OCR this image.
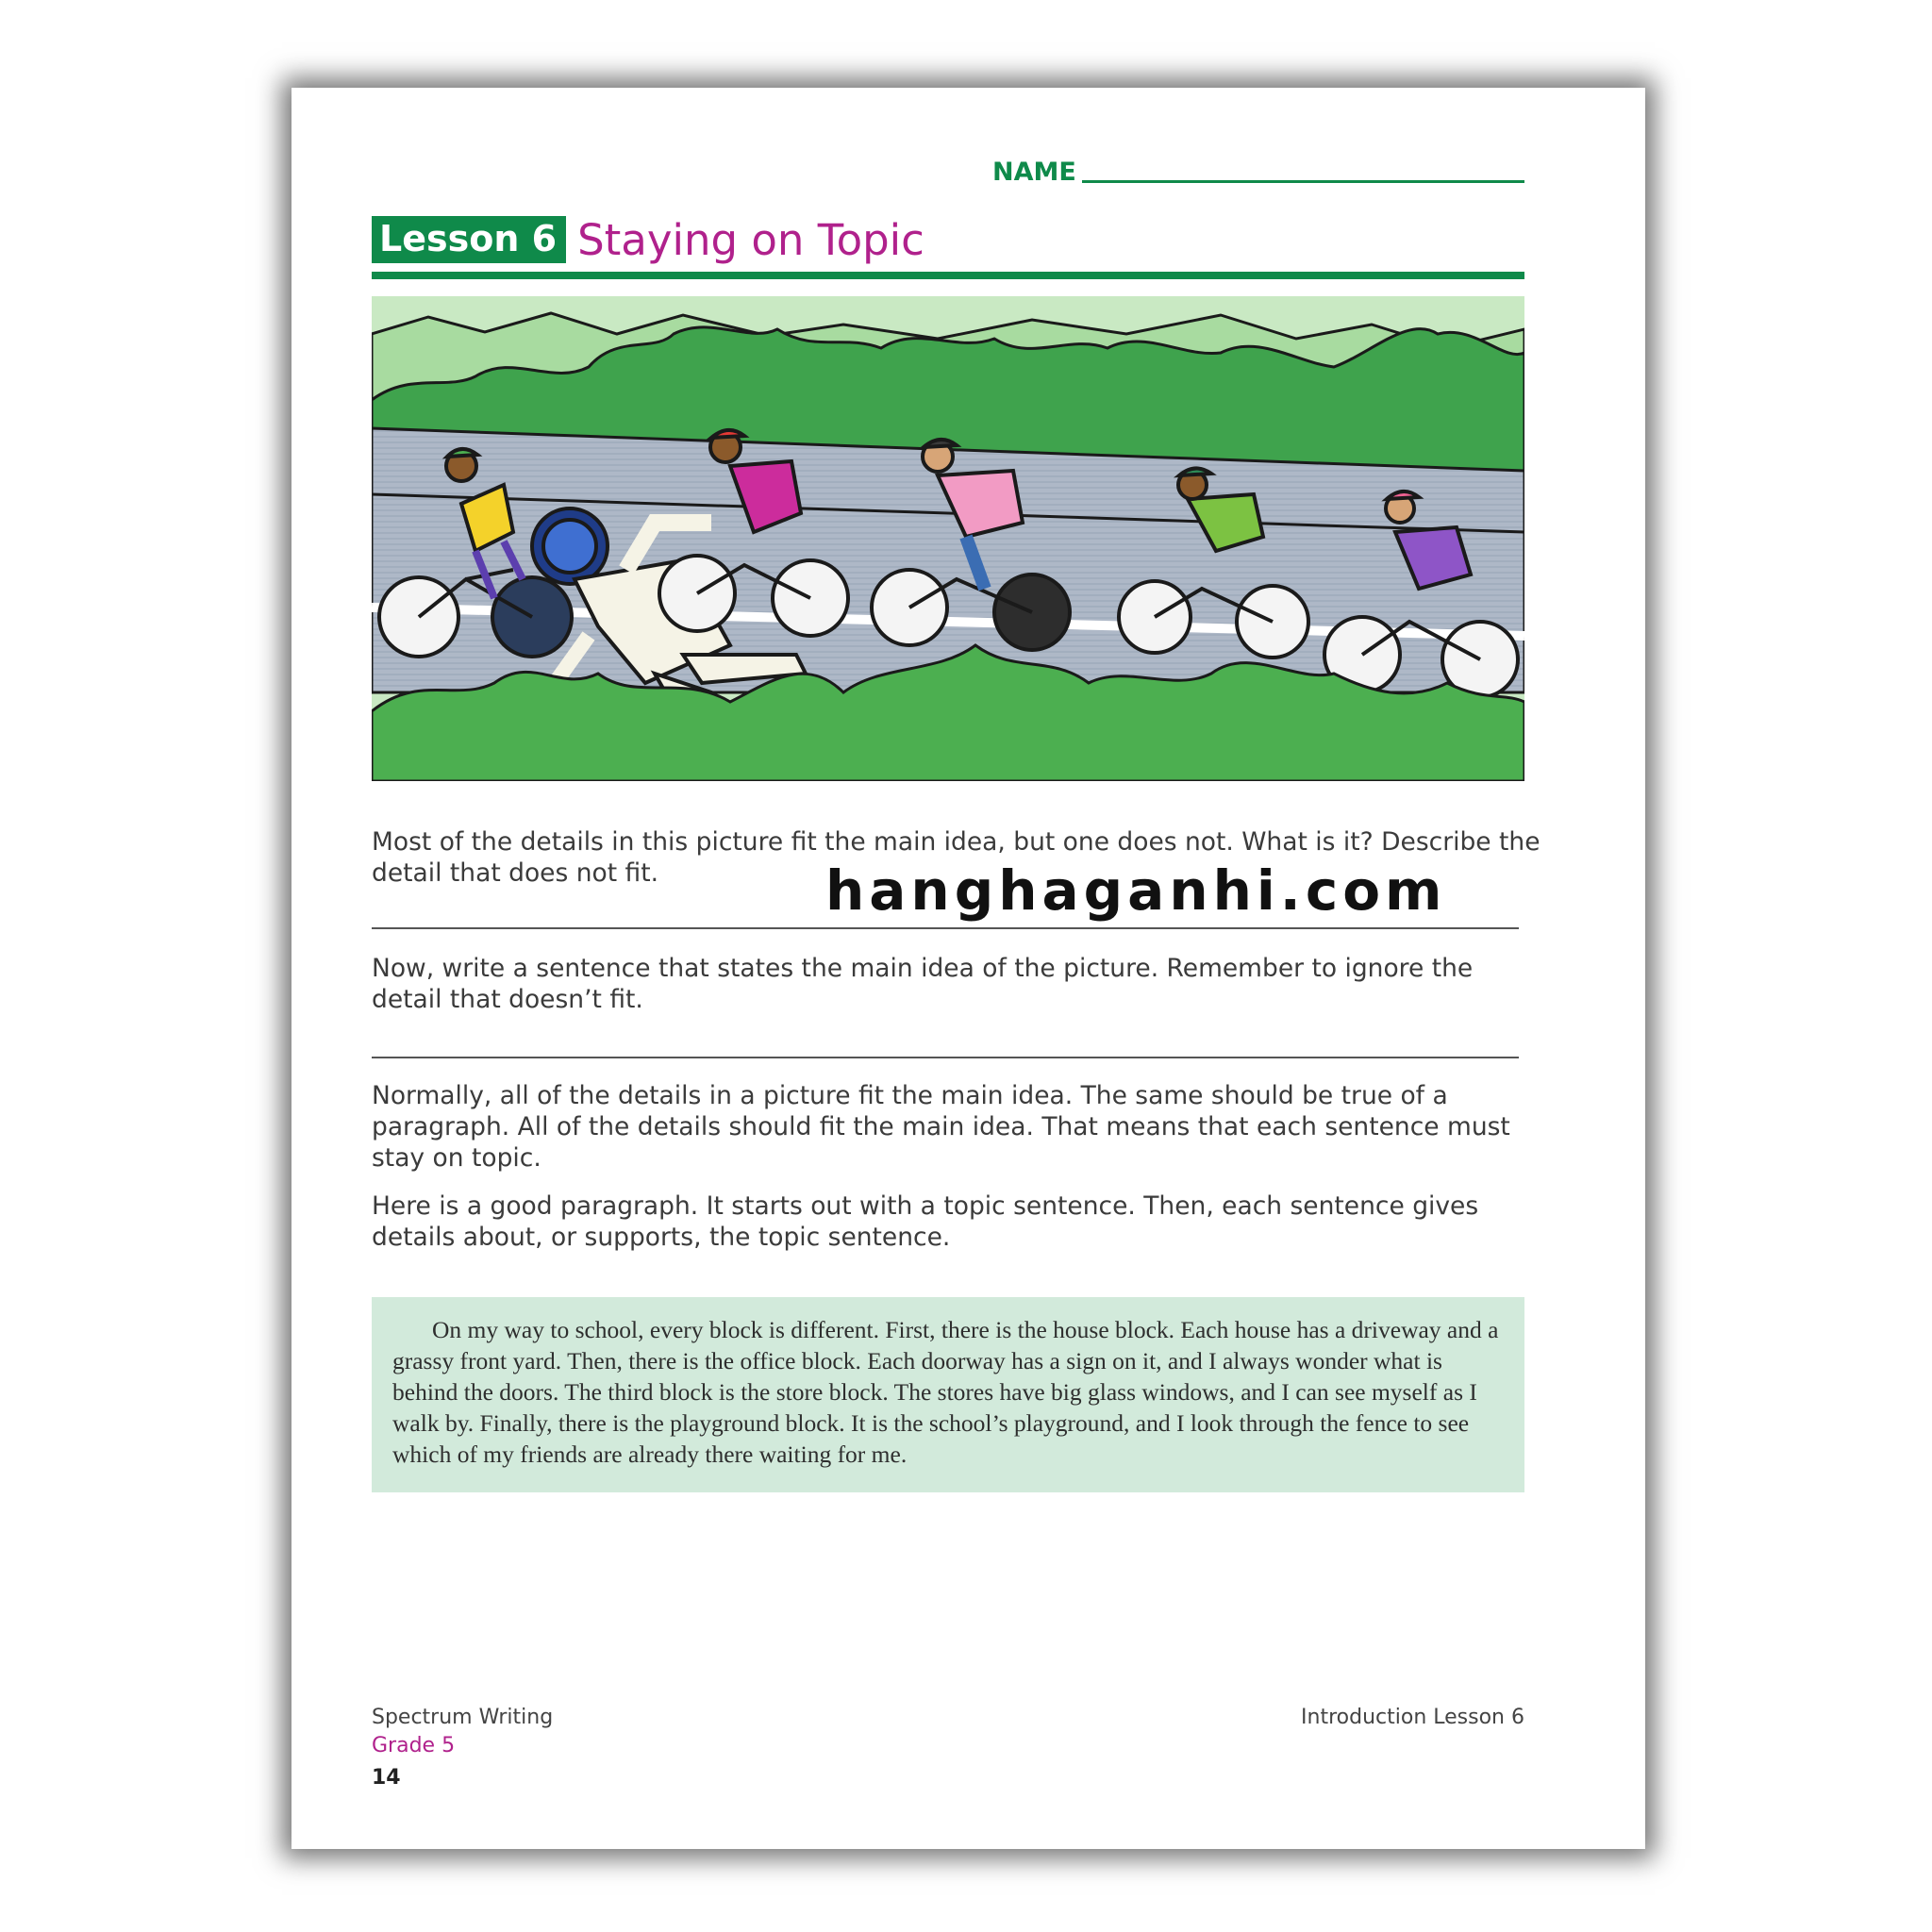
NAME
Lesson 6 Staying on Topic

Most of the details in this picture fit the main idea, but one does not. What is it? Describe the detail that does not fit.

Now, write a sentence that states the main idea of the picture. Remember to ignore the detail that doesn’t fit.

Normally, all of the details in a picture fit the main idea. The same should be true of a paragraph. All of the details should fit the main idea. That means that each sentence must stay on topic.

Here is a good paragraph. It starts out with a topic sentence. Then, each sentence gives details about, or supports, the topic sentence.

On my way to school, every block is different. First, there is the house block. Each house has a driveway and a grassy front yard. Then, there is the office block. Each doorway has a sign on it, and I always wonder what is behind the doors. The third block is the store block. The stores have big glass windows, and I can see myself as I walk by. Finally, there is the playground block. It is the school’s playground, and I look through the fence to see which of my friends are already there waiting for me.

Spectrum Writing
Grade 5
14
Introduction Lesson 6
hanghaganhi.com
